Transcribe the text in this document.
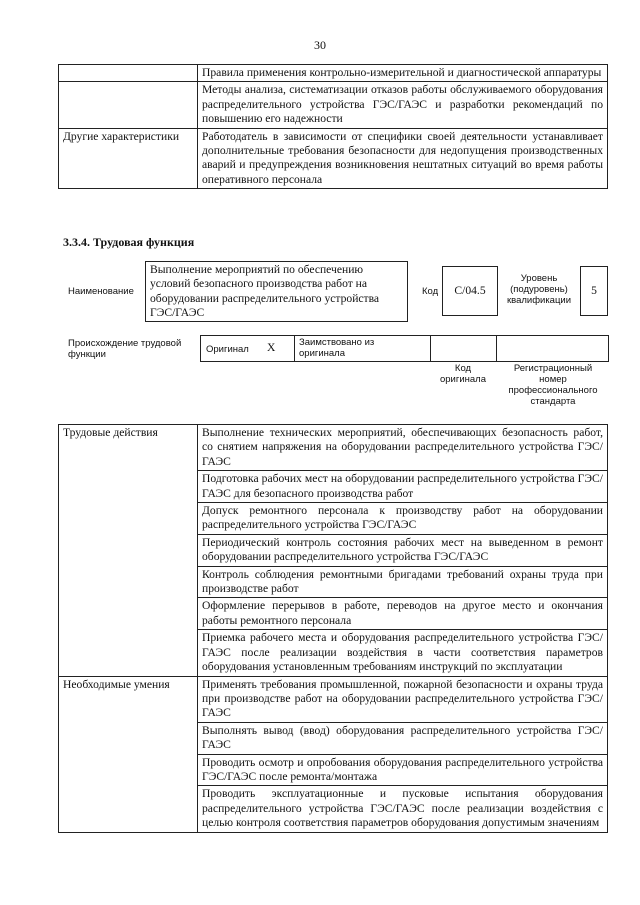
30
	Правила применения контрольно-измерительной и диагностической аппаратуры
	Методы анализа, систематизации отказов работы обслуживаемого оборудования распределительного устройства ГЭС/ГАЭС и разработки рекомендаций по повышению его надежности
Другие характеристики	Работодатель в зависимости от специфики своей деятельности устанавливает дополнительные требования безопасности для недопущения производственных аварий и предупреждения возникновения нештатных ситуаций во время работы оперативного персонала
3.3.4. Трудовая функция
Наименование
Выполнение мероприятий по обеспечению условий безопасного производства работ на оборудовании распределительного устройства ГЭС/ГАЭС
Код	C/04.5
Уровень (подуровень) квалификации
5
Происхождение трудовой функции	Оригинал X Заимствовано из оригинала
Код оригинала
Регистрационный номер профессионального стандарта
Трудовые действия	Выполнение технических мероприятий, обеспечивающих безопасность работ, со снятием напряжения на оборудовании распределительного устройства ГЭС/ГАЭС
	Подготовка рабочих мест на оборудовании распределительного устройства ГЭС/ГАЭС для безопасного производства работ
	Допуск ремонтного персонала к производству работ на оборудовании распределительного устройства ГЭС/ГАЭС
	Периодический контроль состояния рабочих мест на выведенном в ремонт оборудовании распределительного устройства ГЭС/ГАЭС
	Контроль соблюдения ремонтными бригадами требований охраны труда при производстве работ
	Оформление перерывов в работе, переводов на другое место и окончания работы ремонтного персонала
	Приемка рабочего места и оборудования распределительного устройства ГЭС/ГАЭС после реализации воздействия в части соответствия параметров оборудования установленным требованиям инструкций по эксплуатации
Необходимые умения	Применять требования промышленной, пожарной безопасности и охраны труда при производстве работ на оборудовании распределительного устройства ГЭС/ГАЭС
	Выполнять вывод (ввод) оборудования распределительного устройства ГЭС/ГАЭС
	Проводить осмотр и опробования оборудования распределительного устройства ГЭС/ГАЭС после ремонта/монтажа
	Проводить эксплуатационные и пусковые испытания оборудования распределительного устройства ГЭС/ГАЭС после реализации воздействия с целью контроля соответствия параметров оборудования допустимым значениям
